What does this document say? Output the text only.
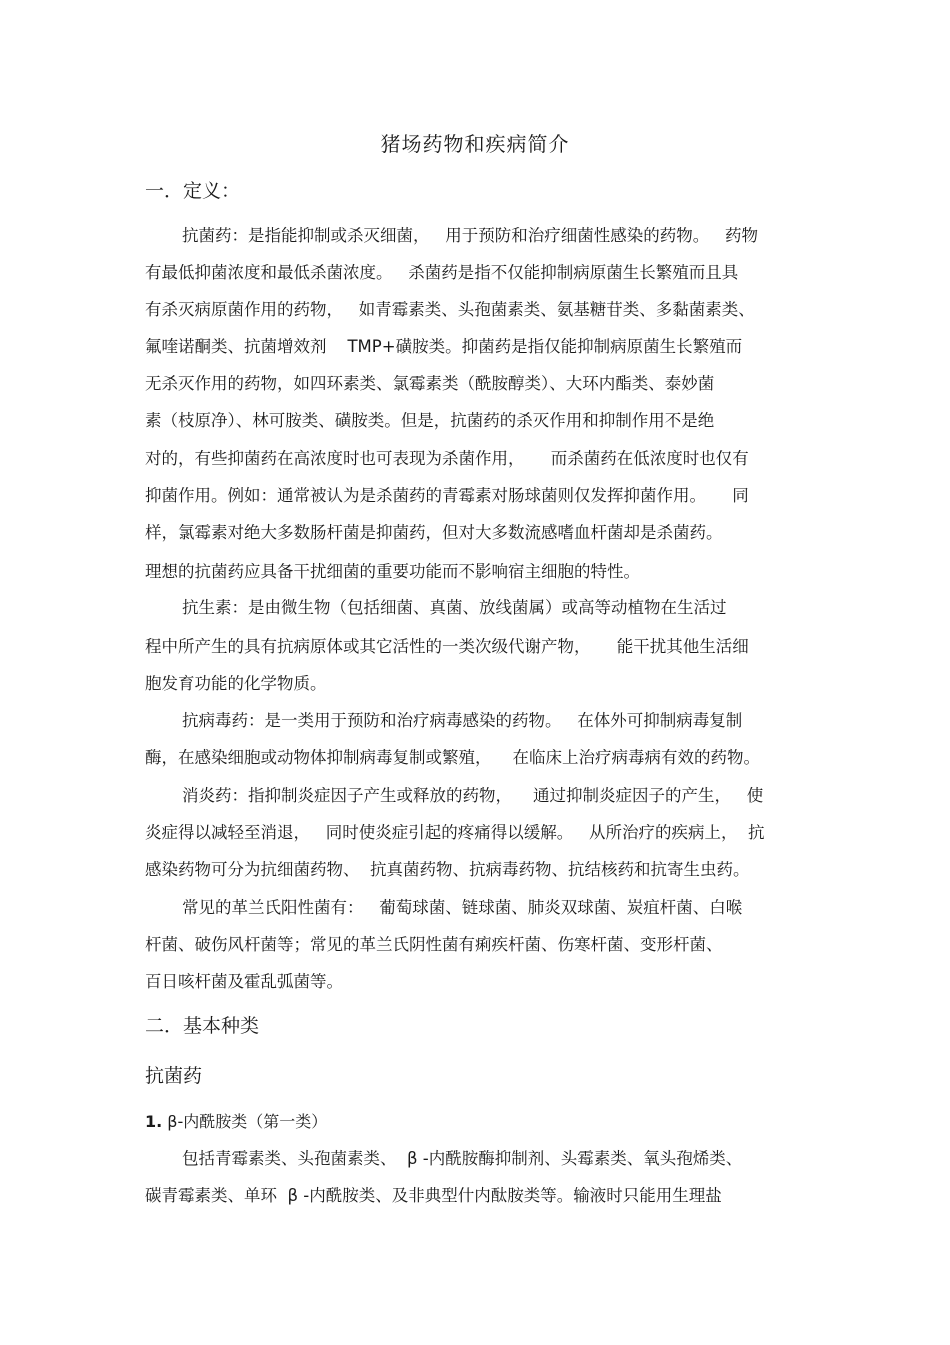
猪场药物和疾病简介
一．定义：
抗菌药：是指能抑制或杀灭细菌，   用于预防和治疗细菌性感染的药物。   药物
有最低抑菌浓度和最低杀菌浓度。   杀菌药是指不仅能抑制病原菌生长繁殖而且具
有杀灭病原菌作用的药物，   如青霉素类、头孢菌素类、氨基糖苷类、多黏菌素类、
氟喹诺酮类、抗菌增效剂    TMP+磺胺类。抑菌药是指仅能抑制病原菌生长繁殖而
无杀灭作用的药物，如四环素类、氯霉素类（酰胺醇类）、大环内酯类、泰妙菌
素（枝原净）、林可胺类、磺胺类。但是，抗菌药的杀灭作用和抑制作用不是绝
对的，有些抑菌药在高浓度时也可表现为杀菌作用，     而杀菌药在低浓度时也仅有
抑菌作用。例如：通常被认为是杀菌药的青霉素对肠球菌则仅发挥抑菌作用。     同
样，氯霉素对绝大多数肠杆菌是抑菌药，但对大多数流感嗜血杆菌却是杀菌药。
理想的抗菌药应具备干扰细菌的重要功能而不影响宿主细胞的特性。
抗生素：是由微生物（包括细菌、真菌、放线菌属）或高等动植物在生活过
程中所产生的具有抗病原体或其它活性的一类次级代谢产物，     能干扰其他生活细
胞发育功能的化学物质。
抗病毒药：是一类用于预防和治疗病毒感染的药物。   在体外可抑制病毒复制
酶，在感染细胞或动物体抑制病毒复制或繁殖，    在临床上治疗病毒病有效的药物。
消炎药：指抑制炎症因子产生或释放的药物，    通过抑制炎症因子的产生，   使
炎症得以减轻至消退，   同时使炎症引起的疼痛得以缓解。   从所治疗的疾病上，  抗
感染药物可分为抗细菌药物、  抗真菌药物、抗病毒药物、抗结核药和抗寄生虫药。
常见的革兰氏阳性菌有：   葡萄球菌、链球菌、肺炎双球菌、炭疽杆菌、白喉
杆菌、破伤风杆菌等；常见的革兰氏阴性菌有痢疾杆菌、伤寒杆菌、变形杆菌、
百日咳杆菌及霍乱弧菌等。
二．基本种类
抗菌药
1. β-内酰胺类（第一类）
包括青霉素类、头孢菌素类、  β -内酰胺酶抑制剂、头霉素类、氧头孢烯类、
碳青霉素类、单环  β -内酰胺类、及非典型什内酞胺类等。输液时只能用生理盐
